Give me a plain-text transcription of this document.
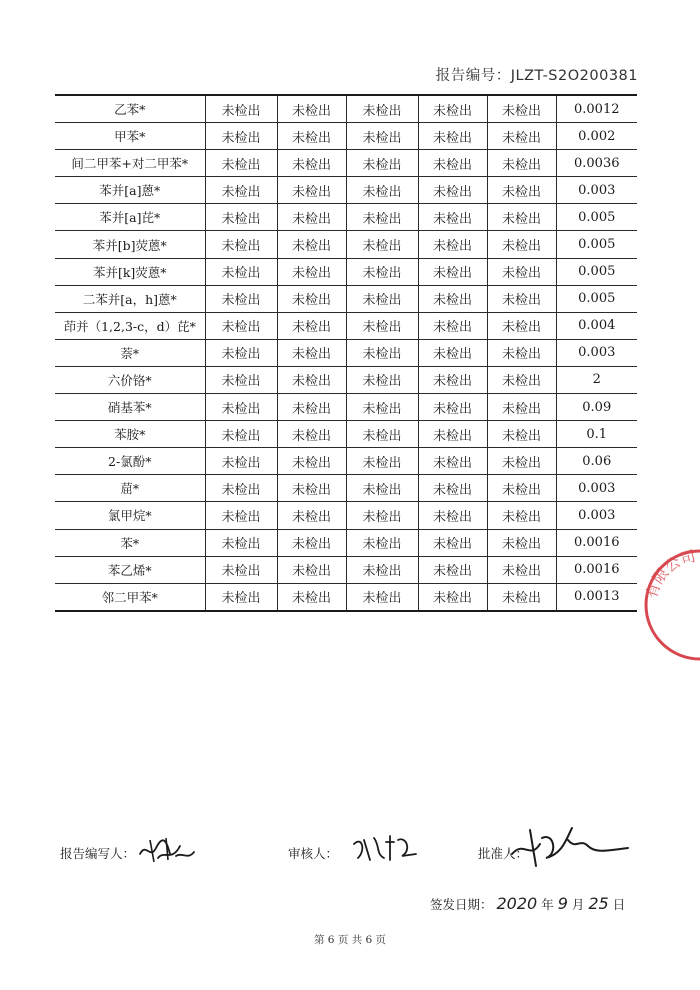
报告编号：JLZT-S2O200381
乙苯*	未检出	未检出	未检出	未检出	未检出	0.0012
甲苯*	未检出	未检出	未检出	未检出	未检出	0.002
间二甲苯+对二甲苯*	未检出	未检出	未检出	未检出	未检出	0.0036
苯并[a]蒽*	未检出	未检出	未检出	未检出	未检出	0.003
苯并[a]芘*	未检出	未检出	未检出	未检出	未检出	0.005
苯并[b]荧蒽*	未检出	未检出	未检出	未检出	未检出	0.005
苯并[k]荧蒽*	未检出	未检出	未检出	未检出	未检出	0.005
二苯并[a，h]蒽*	未检出	未检出	未检出	未检出	未检出	0.005
茚并（1,2,3-c，d）芘*	未检出	未检出	未检出	未检出	未检出	0.004
萘*	未检出	未检出	未检出	未检出	未检出	0.003
六价铬*	未检出	未检出	未检出	未检出	未检出	2
硝基苯*	未检出	未检出	未检出	未检出	未检出	0.09
苯胺*	未检出	未检出	未检出	未检出	未检出	0.1
2-氯酚*	未检出	未检出	未检出	未检出	未检出	0.06
䓛*	未检出	未检出	未检出	未检出	未检出	0.003
氯甲烷*	未检出	未检出	未检出	未检出	未检出	0.003
苯*	未检出	未检出	未检出	未检出	未检出	0.0016
苯乙烯*	未检出	未检出	未检出	未检出	未检出	0.0016
邻二甲苯*	未检出	未检出	未检出	未检出	未检出	0.0013
报告编写人：	审核人：	批准人：
签发日期： 2020 年 9 月 25 日
第 6 页 共 6 页
有限公司
